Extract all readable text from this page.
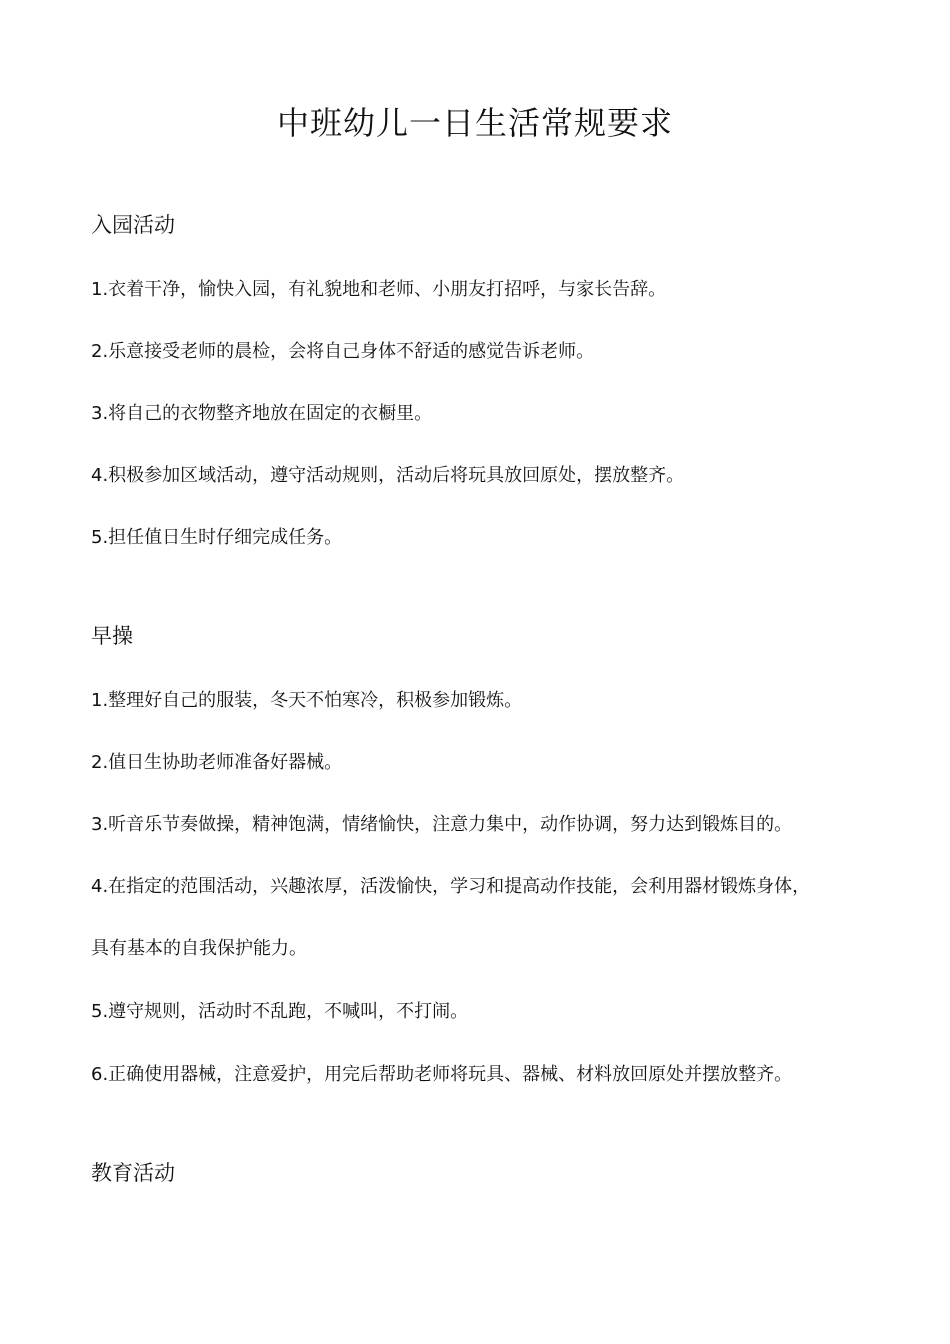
中班幼儿一日生活常规要求
入园活动
1.衣着干净，愉快入园，有礼貌地和老师、小朋友打招呼，与家长告辞。
2.乐意接受老师的晨检，会将自己身体不舒适的感觉告诉老师。
3.将自己的衣物整齐地放在固定的衣橱里。
4.积极参加区域活动，遵守活动规则，活动后将玩具放回原处，摆放整齐。
5.担任值日生时仔细完成任务。
早操
1.整理好自己的服装，冬天不怕寒冷，积极参加锻炼。
2.值日生协助老师准备好器械。
3.听音乐节奏做操，精神饱满，情绪愉快，注意力集中，动作协调，努力达到锻炼目的。
4.在指定的范围活动，兴趣浓厚，活泼愉快，学习和提高动作技能，会利用器材锻炼身体，
具有基本的自我保护能力。
5.遵守规则，活动时不乱跑，不喊叫，不打闹。
6.正确使用器械，注意爱护，用完后帮助老师将玩具、器械、材料放回原处并摆放整齐。
教育活动
